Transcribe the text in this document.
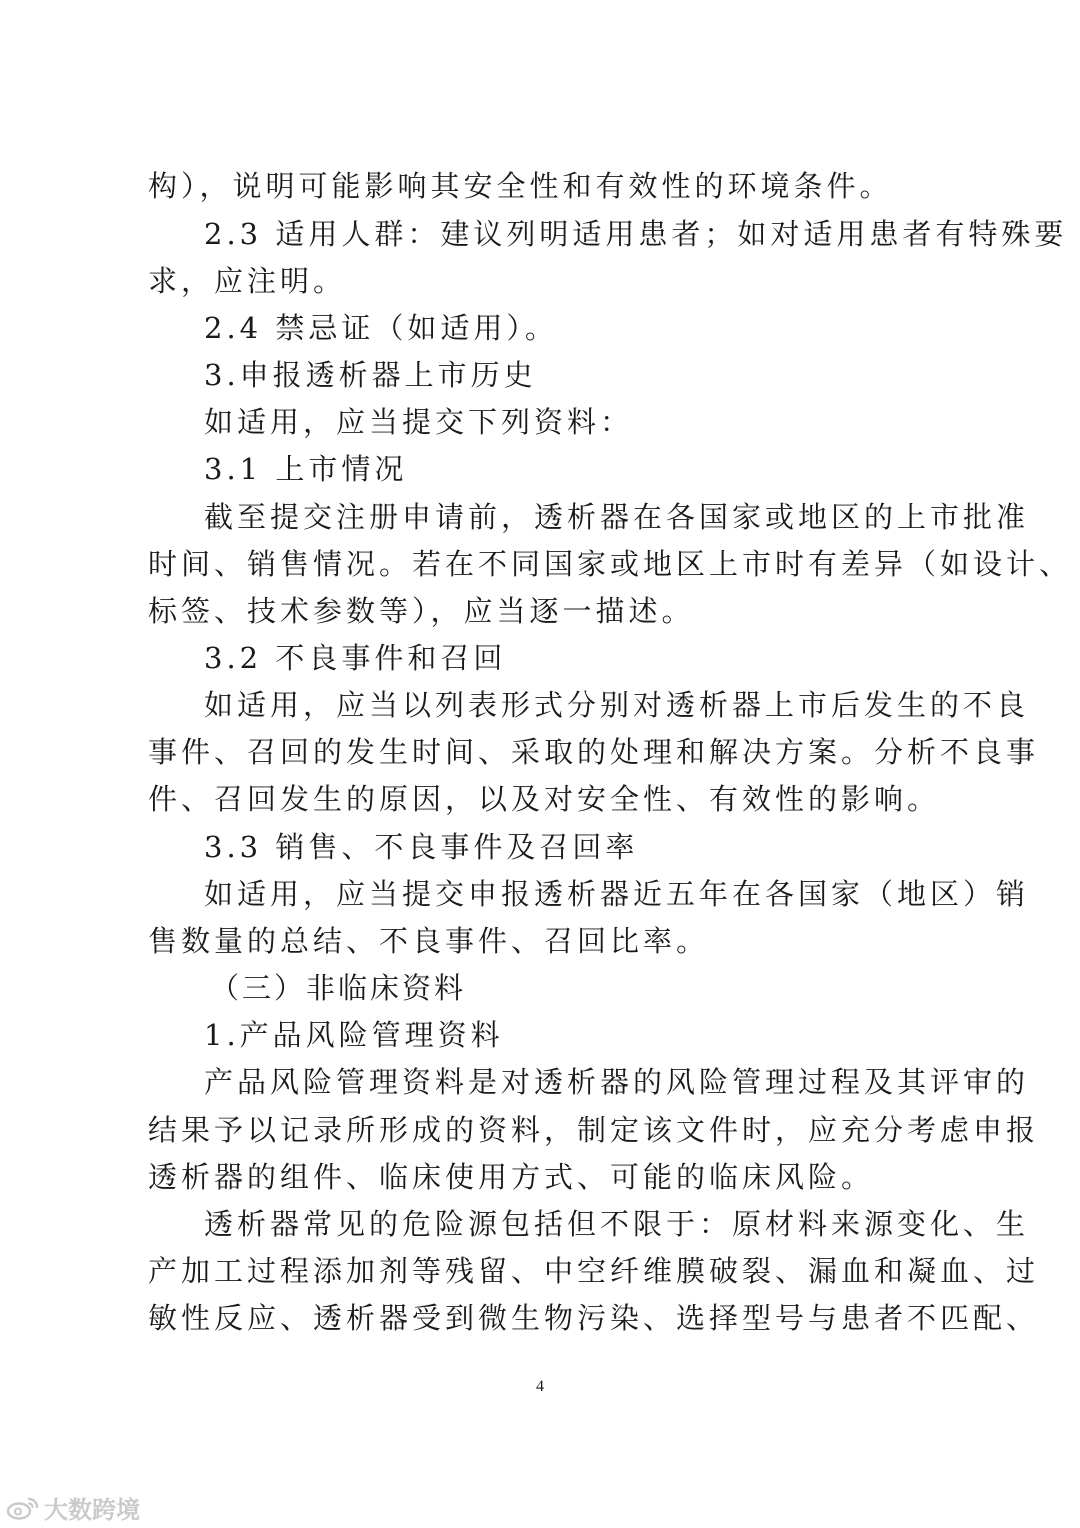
构），说明可能影响其安全性和有效性的环境条件。
2.3 适用人群：建议列明适用患者；如对适用患者有特殊要
求，应注明。
2.4 禁忌证（如适用）。
3.申报透析器上市历史
如适用，应当提交下列资料：
3.1 上市情况
截至提交注册申请前，透析器在各国家或地区的上市批准
时间、销售情况。若在不同国家或地区上市时有差异（如设计、
标签、技术参数等），应当逐一描述。
3.2 不良事件和召回
如适用，应当以列表形式分别对透析器上市后发生的不良
事件、召回的发生时间、采取的处理和解决方案。分析不良事
件、召回发生的原因，以及对安全性、有效性的影响。
3.3 销售、不良事件及召回率
如适用，应当提交申报透析器近五年在各国家（地区）销
售数量的总结、不良事件、召回比率。
（三）非临床资料
1.产品风险管理资料
产品风险管理资料是对透析器的风险管理过程及其评审的
结果予以记录所形成的资料，制定该文件时，应充分考虑申报
透析器的组件、临床使用方式、可能的临床风险。
透析器常见的危险源包括但不限于：原材料来源变化、生
产加工过程添加剂等残留、中空纤维膜破裂、漏血和凝血、过
敏性反应、透析器受到微生物污染、选择型号与患者不匹配、
4
大数跨境
